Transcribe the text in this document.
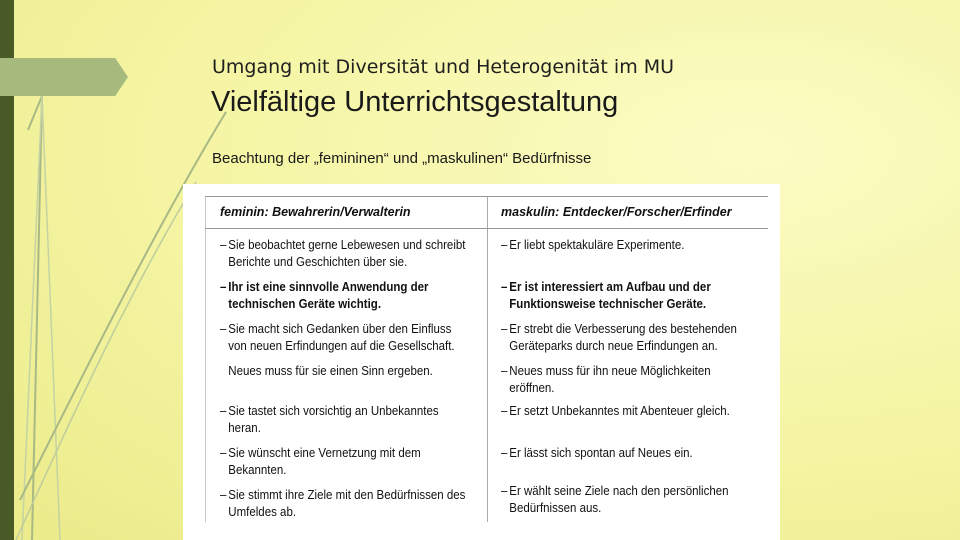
Umgang mit Diversität und Heterogenität im MU
Vielfältige Unterrichtsgestaltung
Beachtung der „femininen“ und „maskulinen“ Bedürfnisse
feminin: Bewahrerin/Verwalterin	maskulin: Entdecker/Forscher/Erfinder
– Sie beobachtet gerne Lebewesen und schreibt
Berichte und Geschichten über sie.
– Ihr ist eine sinnvolle Anwendung der
technischen Geräte wichtig.
– Sie macht sich Gedanken über den Einfluss
von neuen Erfindungen auf die Gesellschaft.
Neues muss für sie einen Sinn ergeben.
– Sie tastet sich vorsichtig an Unbekanntes
heran.
– Sie wünscht eine Vernetzung mit dem
Bekannten.
– Sie stimmt ihre Ziele mit den Bedürfnissen des
Umfeldes ab.
– Er liebt spektakuläre Experimente.
– Er ist interessiert am Aufbau und der
Funktionsweise technischer Geräte.
– Er strebt die Verbesserung des bestehenden
Geräteparks durch neue Erfindungen an.
– Neues muss für ihn neue Möglichkeiten
eröffnen.
– Er setzt Unbekanntes mit Abenteuer gleich.
– Er lässt sich spontan auf Neues ein.
– Er wählt seine Ziele nach den persönlichen
Bedürfnissen aus.
